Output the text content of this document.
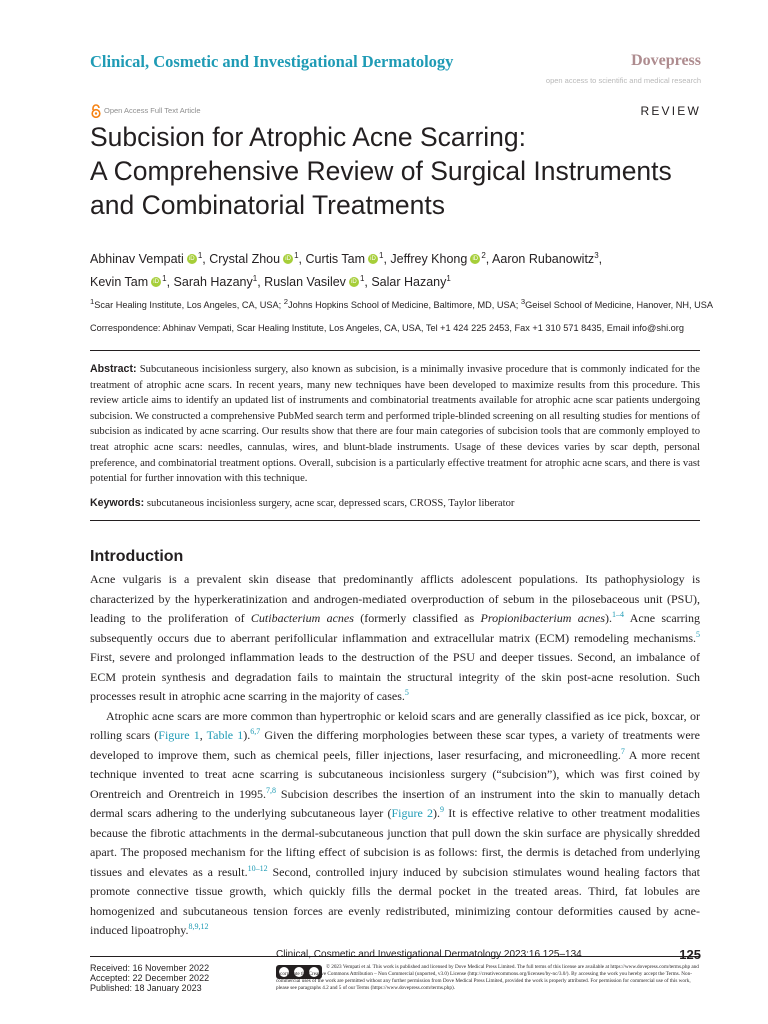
Clinical, Cosmetic and Investigational Dermatology	Dovepress
open access to scientific and medical research
Open Access Full Text Article	REVIEW
Subcision for Atrophic Acne Scarring:
A Comprehensive Review of Surgical Instruments
and Combinatorial Treatments
Abhinav Vempati iD $^1$, Crystal Zhou iD $^1$, Curtis Tam iD $^1$, Jeffrey Khong iD $^2$, Aaron Rubanowitz$^3$,
Kevin Tam iD $^1$, Sarah Hazany$^1$, Ruslan Vasilev iD $^1$, Salar Hazany$^1$
$^1$Scar Healing Institute, Los Angeles, CA, USA; $^2$Johns Hopkins School of Medicine, Baltimore, MD, USA; $^3$Geisel School of Medicine, Hanover, NH, USA
Correspondence: Abhinav Vempati, Scar Healing Institute, Los Angeles, CA, USA, Tel +1 424 225 2453, Fax +1 310 571 8435, Email info@shi.org
Abstract: Subcutaneous incisionless surgery, also known as subcision, is a minimally invasive procedure that is commonly indicated for the treatment of atrophic acne scars. In recent years, many new techniques have been developed to maximize results from this procedure. This review article aims to identify an updated list of instruments and combinatorial treatments available for atrophic acne scar patients undergoing subcision. We constructed a comprehensive PubMed search term and performed triple-blinded screening on all resulting studies for mentions of subcision as indicated by acne scarring. Our results show that there are four main categories of subcision tools that are commonly employed to treat atrophic acne scars: needles, cannulas, wires, and blunt-blade instruments. Usage of these devices varies by scar depth, personal preference, and combinatorial treatment options. Overall, subcision is a particularly effective treatment for atrophic acne scars, and there is vast potential for further innovation with this technique.
Keywords: subcutaneous incisionless surgery, acne scar, depressed scars, CROSS, Taylor liberator
Introduction

Acne vulgaris is a prevalent skin disease that predominantly afflicts adolescent populations. Its pathophysiology is characterized by the hyperkeratinization and androgen-mediated overproduction of sebum in the pilosebaceous unit (PSU), leading to the proliferation of Cutibacterium acnes (formerly classified as Propionibacterium acnes).$^{1-4}$ Acne scarring subsequently occurs due to aberrant perifollicular inflammation and extracellular matrix (ECM) remodeling mechanisms.$^5$ First, severe and prolonged inflammation leads to the destruction of the PSU and deeper tissues. Second, an imbalance of ECM protein synthesis and degradation fails to maintain the structural integrity of the skin post-acne resolution. Such processes result in atrophic acne scarring in the majority of cases.$^5$

Atrophic acne scars are more common than hypertrophic or keloid scars and are generally classified as ice pick, boxcar, or rolling scars (Figure 1, Table 1).$^{6,7}$ Given the differing morphologies between these scar types, a variety of treatments were developed to improve them, such as chemical peels, filler injections, laser resurfacing, and microneedling.$^7$ A more recent technique invented to treat acne scarring is subcutaneous incisionless surgery (“subcision”), which was first coined by Orentreich and Orentreich in 1995.$^{7,8}$ Subcision describes the insertion of an instrument into the skin to manually detach dermal scars adhering to the underlying subcutaneous layer (Figure 2).$^9$ It is effective relative to other treatment modalities because the fibrotic attachments in the dermal-subcutaneous junction that pull down the skin surface are physically shredded apart. The proposed mechanism for the lifting effect of subcision is as follows: first, the dermis is detached from underlying tissues and elevates as a result.$^{10-12}$ Second, controlled injury induced by subcision stimulates wound healing factors that promote connective tissue growth, which quickly fills the dermal pocket in the treated areas. Third, fat lobules are homogenized and subcutaneous tension forces are evenly redistributed, minimizing contour deformities caused by acne-induced lipoatrophy.$^{8,9,12}$

Clinical, Cosmetic and Investigational Dermatology 2023:16 125–134	125
Received: 16 November 2022
Accepted: 22 December 2022
Published: 18 January 2023
© 2023 Vempati et al. This work is published and licensed by Dove Medical Press Limited. The full terms of this license are available at https://www.dovepress.com/terms.php and incorporate the Creative Commons Attribution – Non Commercial (unported, v3.0) License (http://creativecommons.org/licenses/by-nc/3.0/). By accessing the work you hereby accept the Terms. Non-commercial uses of the work are permitted without any further permission from Dove Medical Press Limited, provided the work is properly attributed. For permission for commercial use of this work, please see paragraphs 4.2 and 5 of our Terms (https://www.dovepress.com/terms.php).
